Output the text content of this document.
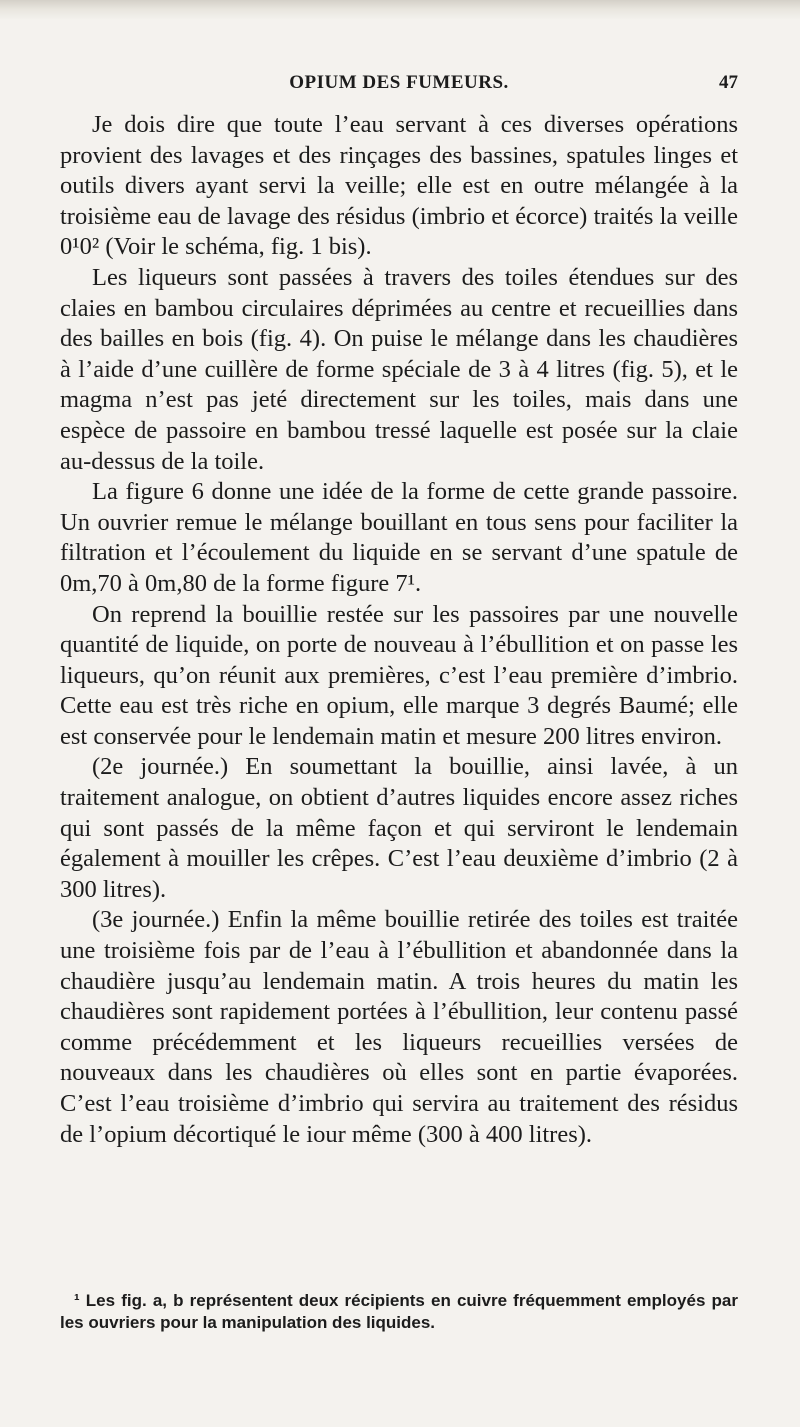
OPIUM DES FUMEURS.	47

Je dois dire que toute l’eau servant à ces diverses opérations provient des lavages et des rinçages des bassines, spatules linges et outils divers ayant servi la veille; elle est en outre mélangée à la troisième eau de lavage des résidus (imbrio et écorce) traités la veille 0¹0² (Voir le schéma, fig. 1 bis).

Les liqueurs sont passées à travers des toiles étendues sur des claies en bambou circulaires déprimées au centre et recueillies dans des bailles en bois (fig. 4). On puise le mélange dans les chaudières à l’aide d’une cuillère de forme spéciale de 3 à 4 litres (fig. 5), et le magma n’est pas jeté directement sur les toiles, mais dans une espèce de passoire en bambou tressé laquelle est posée sur la claie au-dessus de la toile.

La figure 6 donne une idée de la forme de cette grande passoire. Un ouvrier remue le mélange bouillant en tous sens pour faciliter la filtration et l’écoulement du liquide en se servant d’une spatule de 0m,70 à 0m,80 de la forme figure 7¹.

On reprend la bouillie restée sur les passoires par une nouvelle quantité de liquide, on porte de nouveau à l’ébullition et on passe les liqueurs, qu’on réunit aux premières, c’est l’eau première d’imbrio. Cette eau est très riche en opium, elle marque 3 degrés Baumé; elle est conservée pour le lendemain matin et mesure 200 litres environ.

(2e journée.) En soumettant la bouillie, ainsi lavée, à un traitement analogue, on obtient d’autres liquides encore assez riches qui sont passés de la même façon et qui serviront le lendemain également à mouiller les crêpes. C’est l’eau deuxième d’imbrio (2 à 300 litres).

(3e journée.) Enfin la même bouillie retirée des toiles est traitée une troisième fois par de l’eau à l’ébullition et abandonnée dans la chaudière jusqu’au lendemain matin. A trois heures du matin les chaudières sont rapidement portées à l’ébullition, leur contenu passé comme précédemment et les liqueurs recueillies versées de nouveaux dans les chaudières où elles sont en partie évaporées. C’est l’eau troisième d’imbrio qui servira au traitement des résidus de l’opium décortiqué le iour même (300 à 400 litres).

¹ Les fig. a, b représentent deux récipients en cuivre fréquemment employés par les ouvriers pour la manipulation des liquides.
